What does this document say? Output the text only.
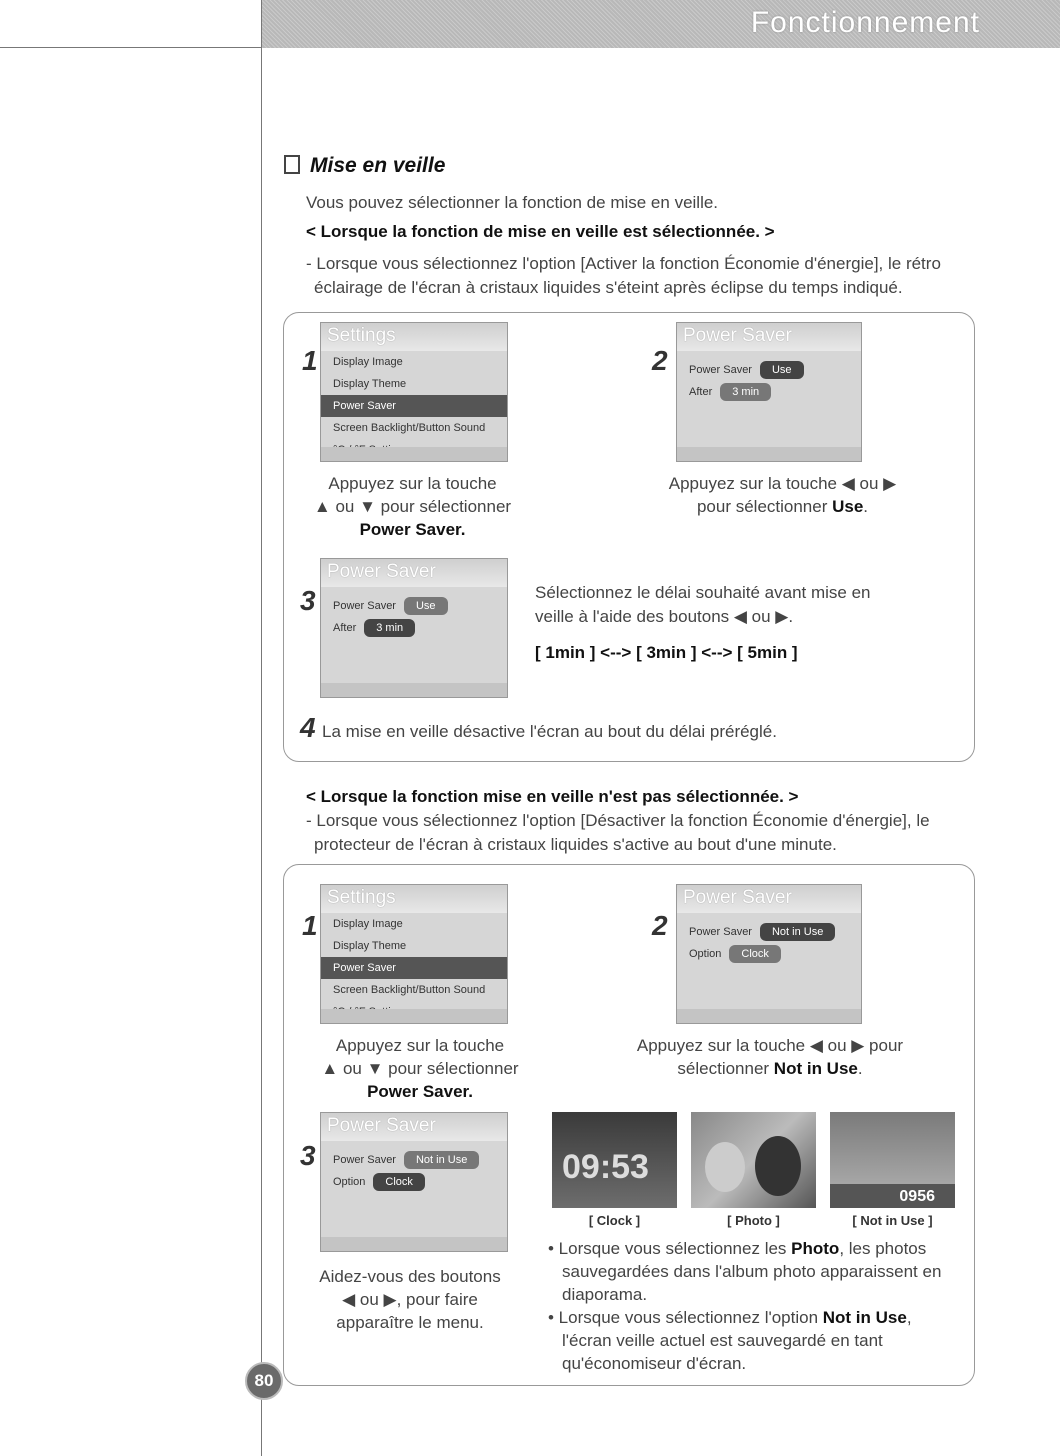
Fonctionnement
Mise en veille
Vous pouvez sélectionner la fonction de mise en veille.
< Lorsque la fonction de mise en veille est sélectionnée. >
- Lorsque vous sélectionnez l'option [Activer la fonction Économie d'énergie], le rétro
éclairage de l'écran à cristaux liquides s'éteint après éclipse du temps indiqué.
1
Settings
Display Image
Display Theme
Power Saver
Screen Backlight/Button Sound
Appuyez sur la touche
▲ ou ▼ pour sélectionner
Power Saver.
2
Power Saver
Power Saver Use
After 3 min
Appuyez sur la touche ◀ ou ▶
pour sélectionner Use.
3
Power Saver
Power Saver Use
After 3 min
Sélectionnez le délai souhaité avant mise en
veille à l'aide des boutons ◀ ou ▶.
[ 1min ] <--> [ 3min ] <--> [ 5min ]
4 La mise en veille désactive l'écran au bout du délai préréglé.
< Lorsque la fonction mise en veille n'est pas sélectionnée. >
- Lorsque vous sélectionnez l'option [Désactiver la fonction Économie d'énergie], le
protecteur de l'écran à cristaux liquides s'active au bout d'une minute.
1
Settings
Display Image
Display Theme
Power Saver
Screen Backlight/Button Sound
Appuyez sur la touche
▲ ou ▼ pour sélectionner
Power Saver.
2
Power Saver
Power Saver Not in Use
Option Clock
Appuyez sur la touche ◀ ou ▶ pour
sélectionner Not in Use.
3
Power Saver
Power Saver Not in Use
Option Clock
Aidez-vous des boutons
◀ ou ▶, pour faire
apparaître le menu.
09:53
[ Clock ]	[ Photo ]
0956
[ Not in Use ]
• Lorsque vous sélectionnez les Photo, les photos
sauvegardées dans l'album photo apparaissent en
diaporama.
• Lorsque vous sélectionnez l'option Not in Use,
l'écran veille actuel est sauvegardé en tant
qu'économiseur d'écran.
80
